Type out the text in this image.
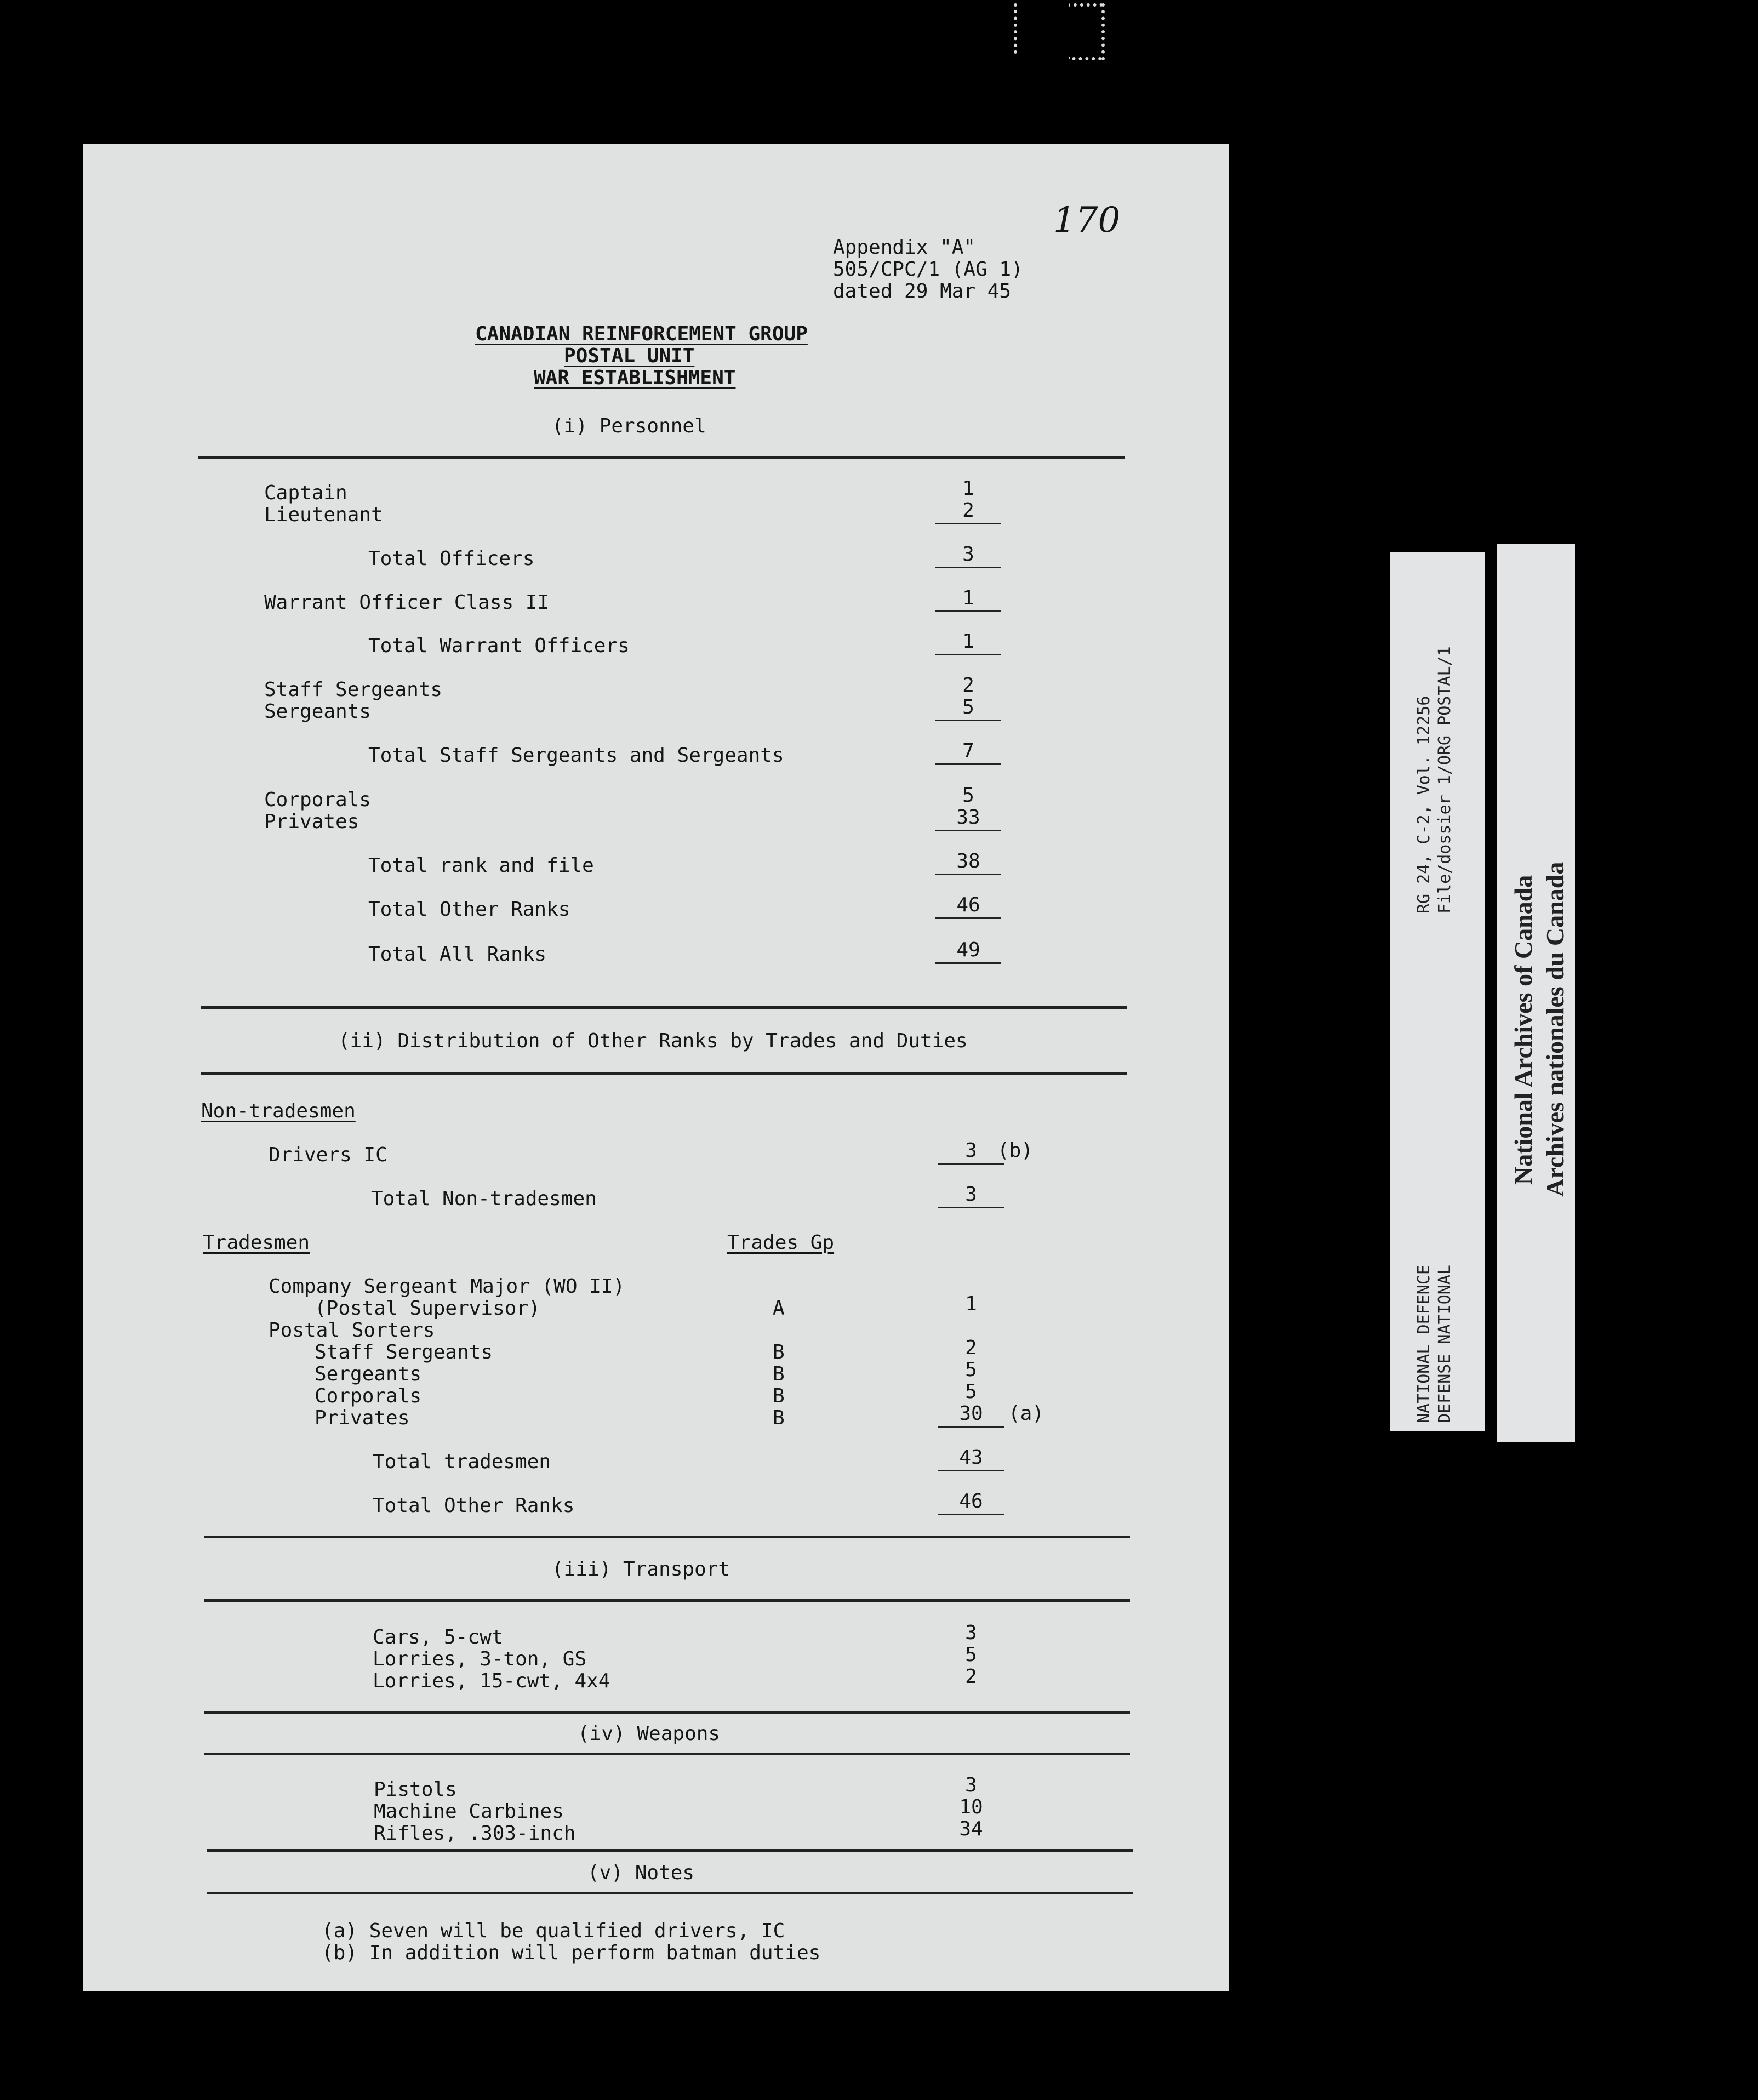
170
Appendix "A"
505/CPC/1 (AG 1)
dated 29 Mar 45
CANADIAN REINFORCEMENT GROUP
POSTAL UNIT
WAR ESTABLISHMENT
(i) Personnel
Captain	1
Lieutenant	2
Total Officers	3
Warrant Officer Class II	1
Total Warrant Officers	1
Staff Sergeants	2
Sergeants	5
Total Staff Sergeants and Sergeants	7
Corporals	5
Privates	33
Total rank and file	38
Total Other Ranks	46
Total All Ranks	49
(ii) Distribution of Other Ranks by Trades and Duties
Non-tradesmen
Drivers IC	3	(b)
Total Non-tradesmen	3
Tradesmen	Trades Gp
Company Sergeant Major (WO II)
(Postal Supervisor)	A	1
Postal Sorters
Staff Sergeants	B	2
Sergeants	B	5
Corporals	B	5
Privates	B	30	(a)
Total tradesmen	43
Total Other Ranks	46
(iii) Transport
Cars, 5-cwt	3
Lorries, 3-ton, GS	5
Lorries, 15-cwt, 4x4	2
(iv) Weapons
Pistols	3
Machine Carbines	10
Rifles, .303-inch	34
(v) Notes
(a) Seven will be qualified drivers, IC
(b) In addition will perform batman duties
RG 24, C-2, Vol. 12256 File/dossier 1/ORG POSTAL/1
NATIONAL DEFENCE DEFENSE NATIONAL
National Archives of Canada Archives nationales du Canada
